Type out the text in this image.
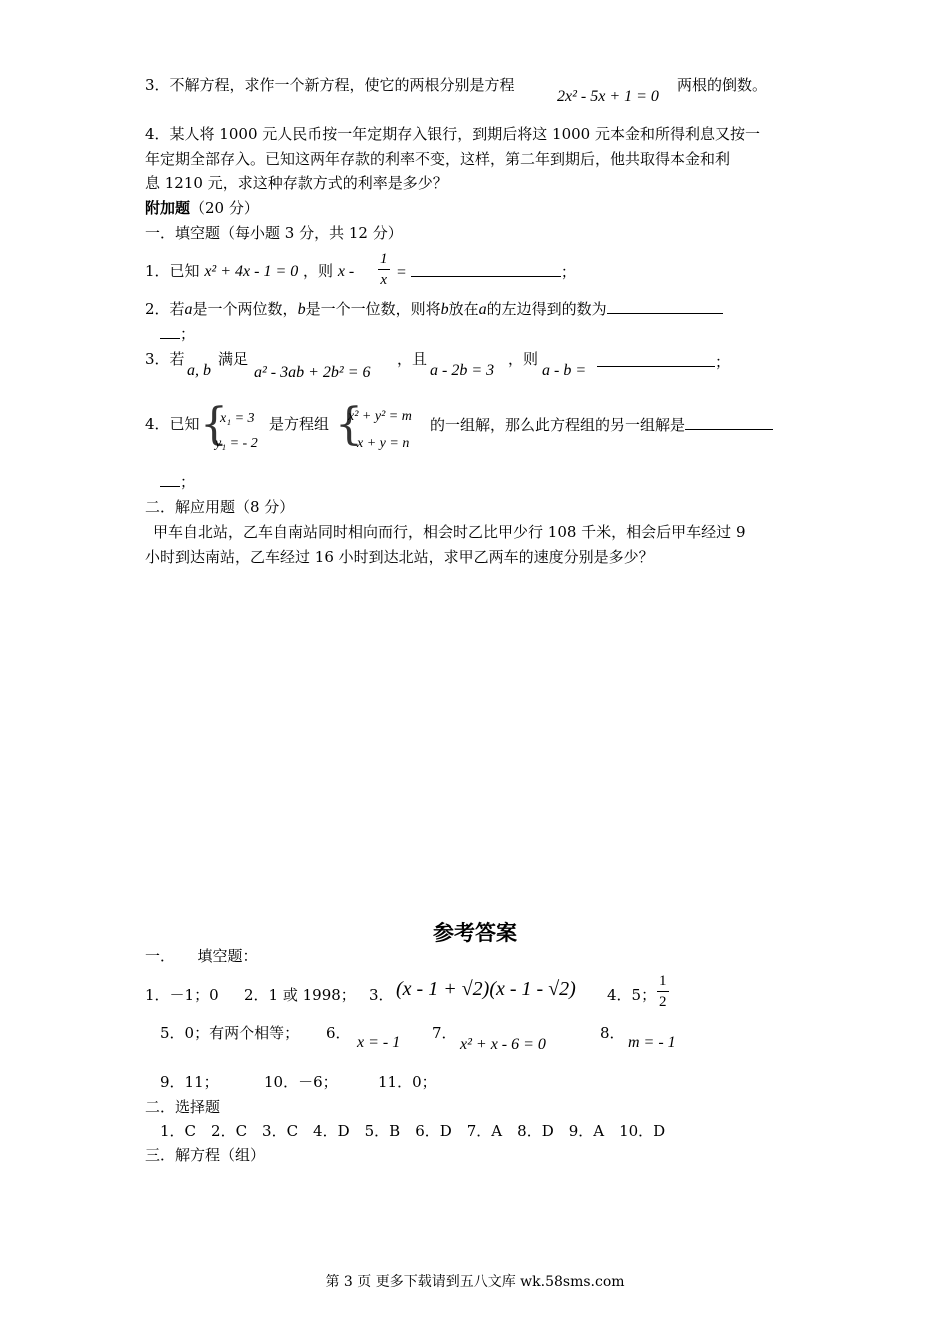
3．不解方程，求作一个新方程，使它的两根分别是方程
2x² - 5x + 1 = 0
两根的倒数。
4．某人将 1000 元人民币按一年定期存入银行，到期后将这 1000 元本金和所得利息又按一
年定期全部存入。已知这两年存款的利率不变，这样，第二年到期后，他共取得本金和利
息 1210 元，求这种存款方式的利率是多少？
附加题（20 分）
一．填空题（每小题 3 分，共 12 分）
1．已知 x² + 4x - 1 = 0 ，则 x - $\frac{1}{x}$ =	；
2．若a是一个两位数，b是一个一位数，则将b放在a的左边得到的数为
；
3．若
a, b
满足
a² - 3ab + 2b² = 6
，且
a - 2b = 3
，则
a - b =	；
4．已知 {
x₁ = 3
y₁ = - 2
是方程组 {
x² + y² = m
x + y = n
的一组解，那么此方程组的另一组解是
；
二．解应用题（8 分）
甲车自北站，乙车自南站同时相向而行，相会时乙比甲少行 108 千米，相会后甲车经过 9
小时到达南站，乙车经过 16 小时到达北站，求甲乙两车的速度分别是多少？
参考答案
一．　　填空题：
1．－1；0 2．1 或 1998； 3． (x - 1 + √2)(x - 1 - √2) 4．5； $\frac{1}{2}$
5．0；有两个相等； 6．
x = - 1
7．
x² + x - 6 = 0
8．
m = - 1
9．11；	10．－6；	11．0；
二．选择题
1．C　2．C　3．C　4．D　5．B　6．D　7．A　8．D　9．A　10．D
三．解方程（组）
第 3 页 更多下载请到五八文库 wk.58sms.com
